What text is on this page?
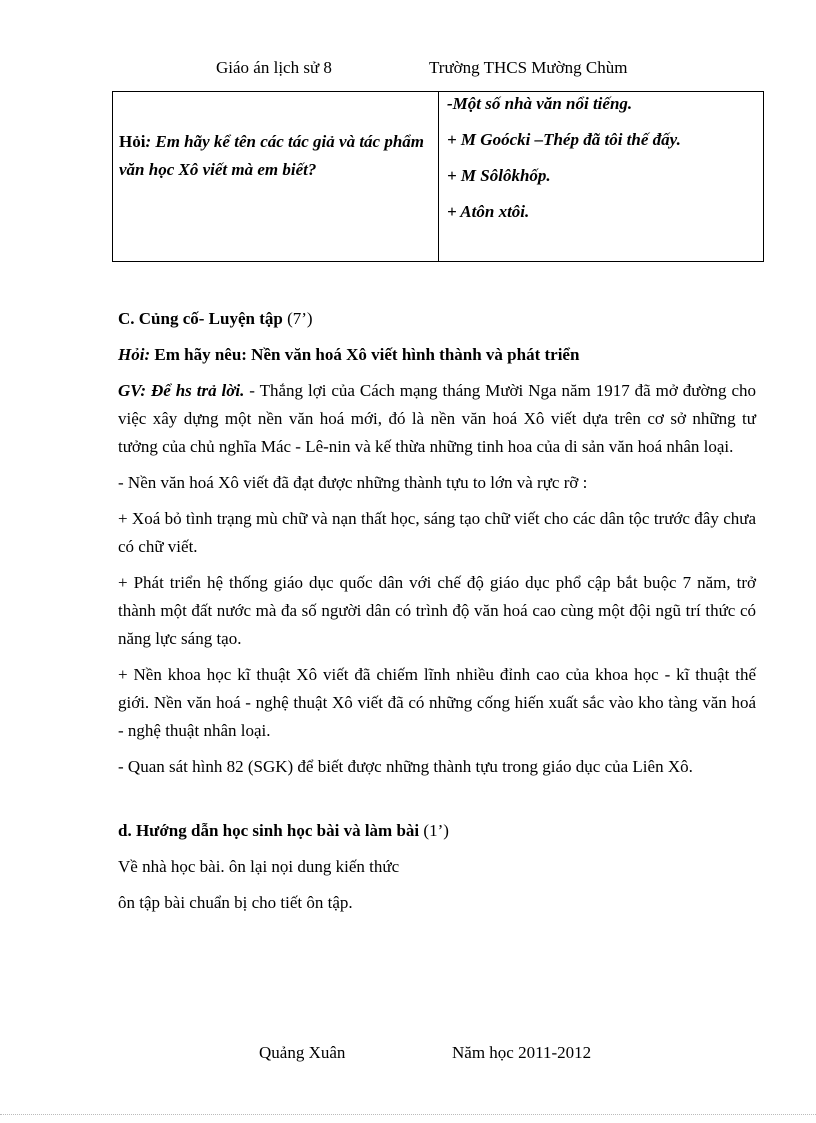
Giáo án lịch sử 8	Trường THCS Mường Chùm
Hỏi: Em hãy kể tên các tác giả và tác phẩm văn học Xô viết mà em biết?
-Một số nhà văn nổi tiếng.
+ M Goócki –Thép đã tôi thế đấy.
+ M Sôlôkhốp.
+ Atôn xtôi.

C. Củng cố- Luyện tập (7’)

Hỏi: Em hãy nêu: Nền văn hoá Xô viết hình thành và phát triển

GV: Để hs trả lời. - Thắng lợi của Cách mạng tháng Mười Nga năm 1917 đã mở đường cho việc xây dựng một nền văn hoá mới, đó là nền văn hoá Xô viết dựa trên cơ sở những tư tưởng của chủ nghĩa Mác - Lê-nin và kế thừa những tinh hoa của di sản văn hoá nhân loại.

- Nền văn hoá Xô viết đã đạt được những thành tựu to lớn và rực rỡ :

+ Xoá bỏ tình trạng mù chữ và nạn thất học, sáng tạo chữ viết cho các dân tộc trước đây chưa có chữ viết.

+ Phát triển hệ thống giáo dục quốc dân với chế độ giáo dục phổ cập bắt buộc 7 năm, trở thành một đất nước mà đa số người dân có trình độ văn hoá cao cùng một đội ngũ trí thức có năng lực sáng tạo.

+ Nền khoa học kĩ thuật Xô viết đã chiếm lĩnh nhiều đỉnh cao của khoa học - kĩ thuật thế giới. Nền văn hoá - nghệ thuật Xô viết đã có những cống hiến xuất sắc vào kho tàng văn hoá - nghệ thuật nhân loại.

- Quan sát hình 82 (SGK) để biết được những thành tựu trong giáo dục của Liên Xô.

d. Hướng dẫn học sinh học bài và làm bài (1’)

Về nhà học bài. ôn lại nọi dung kiến thức

ôn tập bài chuẩn bị cho tiết ôn tập.

Quảng Xuân	Năm học 2011-2012
